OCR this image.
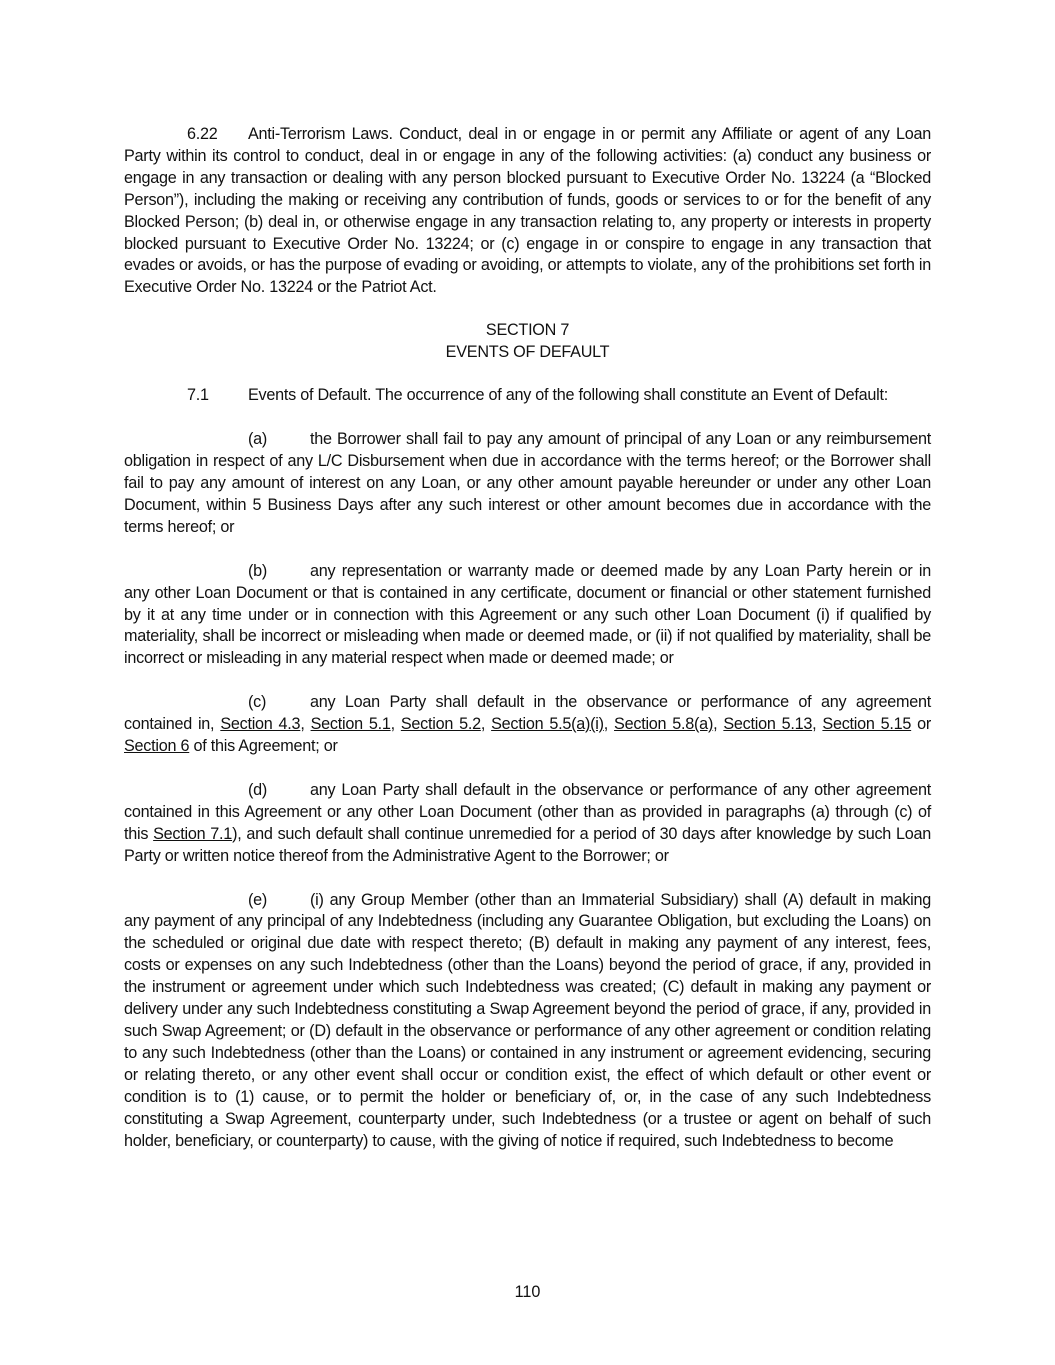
6.22 Anti-Terrorism Laws. Conduct, deal in or engage in or permit any Affiliate or agent of any Loan Party within its control to conduct, deal in or engage in any of the following activities: (a) conduct any business or engage in any transaction or dealing with any person blocked pursuant to Executive Order No. 13224 (a “Blocked Person”), including the making or receiving any contribution of funds, goods or services to or for the benefit of any Blocked Person; (b) deal in, or otherwise engage in any transaction relating to, any property or interests in property blocked pursuant to Executive Order No. 13224; or (c) engage in or conspire to engage in any transaction that evades or avoids, or has the purpose of evading or avoiding, or attempts to violate, any of the prohibitions set forth in Executive Order No. 13224 or the Patriot Act.

SECTION 7
EVENTS OF DEFAULT

7.1 Events of Default. The occurrence of any of the following shall constitute an Event of Default:

(a)	the Borrower shall fail to pay any amount of principal of any Loan or any reimbursement obligation in respect of any L/C Disbursement when due in accordance with the terms hereof; or the Borrower shall fail to pay any amount of interest on any Loan, or any other amount payable hereunder or under any other Loan Document, within 5 Business Days after any such interest or other amount becomes due in accordance with the terms hereof; or

(b)	any representation or warranty made or deemed made by any Loan Party herein or in any other Loan Document or that is contained in any certificate, document or financial or other statement furnished by it at any time under or in connection with this Agreement or any such other Loan Document (i) if qualified by materiality, shall be incorrect or misleading when made or deemed made, or (ii) if not qualified by materiality, shall be incorrect or misleading in any material respect when made or deemed made; or

(c)	any Loan Party shall default in the observance or performance of any agreement contained in, Section 4.3, Section 5.1, Section 5.2, Section 5.5(a)(i), Section 5.8(a), Section 5.13, Section 5.15 or Section 6 of this Agreement; or

(d)	any Loan Party shall default in the observance or performance of any other agreement contained in this Agreement or any other Loan Document (other than as provided in paragraphs (a) through (c) of this Section 7.1), and such default shall continue unremedied for a period of 30 days after knowledge by such Loan Party or written notice thereof from the Administrative Agent to the Borrower; or

(e)	(i) any Group Member (other than an Immaterial Subsidiary) shall (A) default in making any payment of any principal of any Indebtedness (including any Guarantee Obligation, but excluding the Loans) on the scheduled or original due date with respect thereto; (B) default in making any payment of any interest, fees, costs or expenses on any such Indebtedness (other than the Loans) beyond the period of grace, if any, provided in the instrument or agreement under which such Indebtedness was created; (C) default in making any payment or delivery under any such Indebtedness constituting a Swap Agreement beyond the period of grace, if any, provided in such Swap Agreement; or (D) default in the observance or performance of any other agreement or condition relating to any such Indebtedness (other than the Loans) or contained in any instrument or agreement evidencing, securing or relating thereto, or any other event shall occur or condition exist, the effect of which default or other event or condition is to (1) cause, or to permit the holder or beneficiary of, or, in the case of any such Indebtedness constituting a Swap Agreement, counterparty under, such Indebtedness (or a trustee or agent on behalf of such holder, beneficiary, or counterparty) to cause, with the giving of notice if required, such Indebtedness to become

110
